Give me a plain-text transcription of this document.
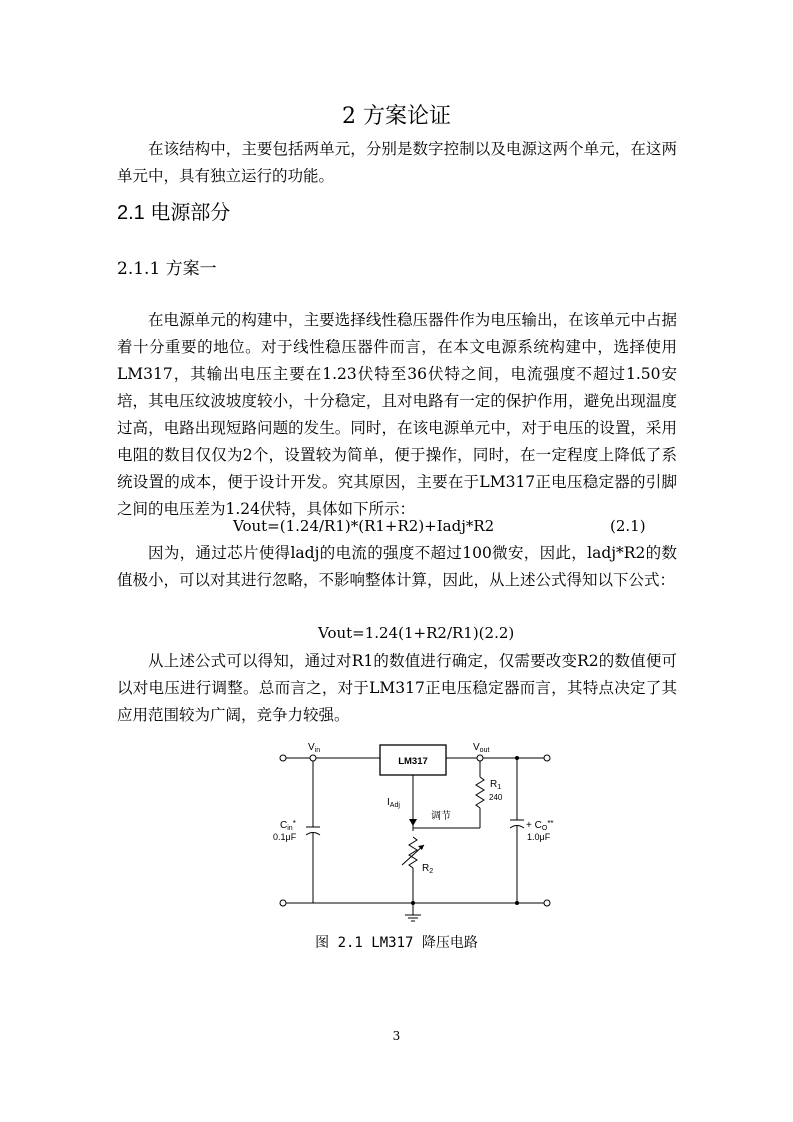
2 方案论证
在该结构中，主要包括两单元，分别是数字控制以及电源这两个单元，在这两单元中，具有独立运行的功能。
2.1 电源部分
2.1.1 方案一
在电源单元的构建中，主要选择线性稳压器件作为电压输出，在该单元中占据着十分重要的地位。对于线性稳压器件而言，在本文电源系统构建中，选择使用LM317，其输出电压主要在1.23伏特至36伏特之间，电流强度不超过1.50安培，其电压纹波坡度较小，十分稳定，且对电路有一定的保护作用，避免出现温度过高，电路出现短路问题的发生。同时，在该电源单元中，对于电压的设置，采用电阻的数目仅仅为2个，设置较为简单，便于操作，同时，在一定程度上降低了系统设置的成本，便于设计开发。究其原因，主要在于LM317正电压稳定器的引脚之间的电压差为1.24伏特，具体如下所示：
Vout=(1.24/R1)*(R1+R2)+Iadj*R2	(2.1)
因为，通过芯片使得ladj的电流的强度不超过100微安，因此，ladj*R2的数值极小，可以对其进行忽略，不影响整体计算，因此，从上述公式得知以下公式：
Vout=1.24(1+R2/R1)(2.2)
从上述公式可以得知，通过对R1的数值进行确定，仅需要改变R2的数值便可以对电压进行调整。总而言之，对于LM317正电压稳定器而言，其特点决定了其应用范围较为广阔，竞争力较强。
LM317
$V_{in}$	$V_{out}$
$R_1$
240
$I_{Adj}$
调节
$R_2$
$C_{in}^*$
0.1μF
+ $C_O^{**}$
1.0μF
图 2.1 LM317 降压电路
3
